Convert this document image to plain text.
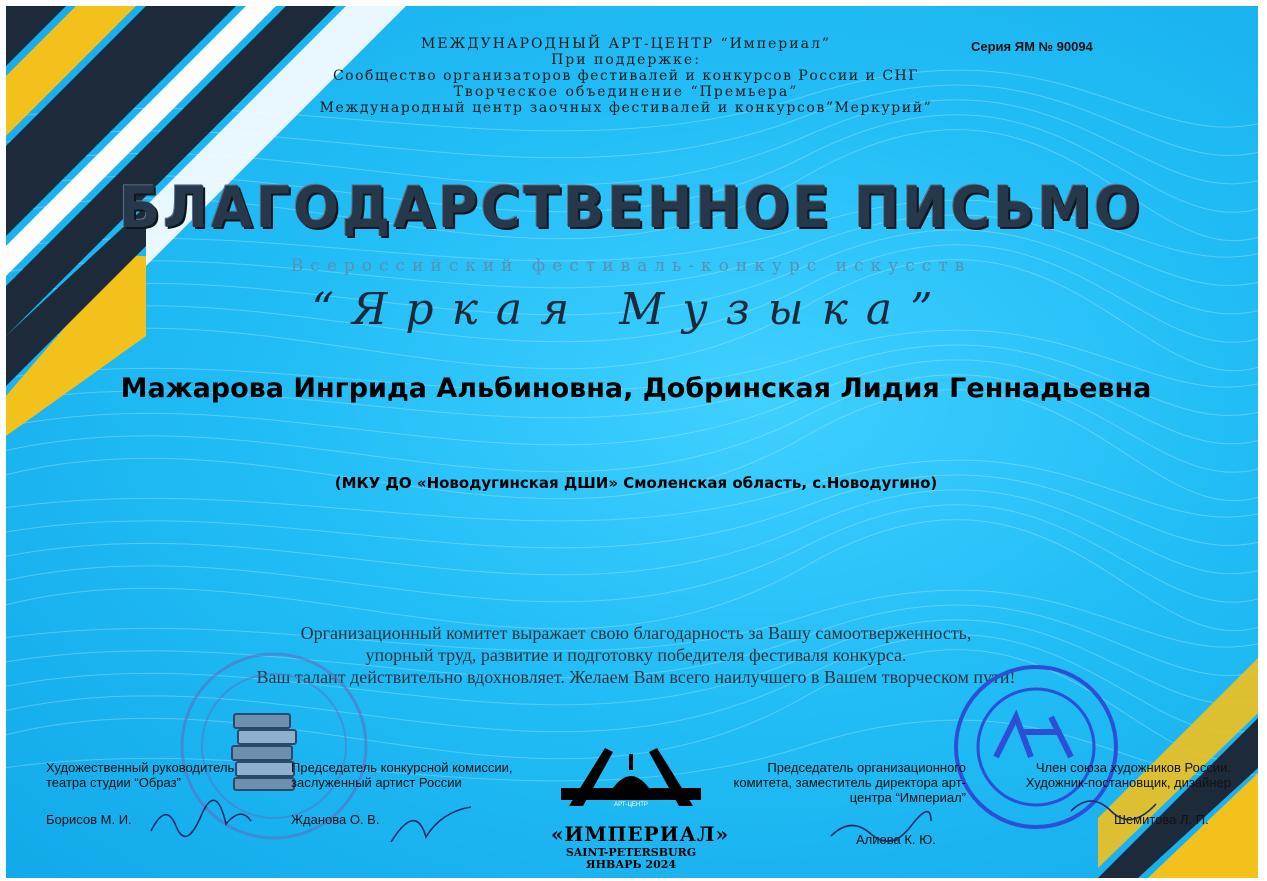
МЕЖДУНАРОДНЫЙ АРТ-ЦЕНТР “Империал”
При поддержке:
Сообщество организаторов фестивалей и конкурсов России и СНГ
Творческое объединение “Премьера”
Международный центр заочных фестивалей и конкурсов”Меркурий”
Серия ЯМ № 90094
БЛАГОДАРСТВЕННОЕ ПИСЬМО
Всероссийский фестиваль-конкурс искусств
“Яркая Музыка”
Мажарова Ингрида Альбиновна, Добринская Лидия Геннадьевна
(МКУ ДО «Новодугинская ДШИ» Смоленская область, с.Новодугино)
Организационный комитет выражает свою благодарность за Вашу самоотверженность,
упорный труд, развитие и подготовку победителя фестиваля конкурса.
Ваш талант действительно вдохновляет. Желаем Вам всего наилучшего в Вашем творческом пути!
АРТ-ЦЕНТР
«ИМПЕРИАЛ»
SAINT-PETERSBURG
ЯНВАРЬ 2024
Художественный руководитель театра студии “Образ”
Борисов М. И.
Председатель конкурсной комиссии, заслуженный артист России
Жданова О. В.
Председатель организационного комитета, заместитель директора арт-центра “Империал”
Алиева К. Ю.
Член союза художников России. Художник-постановщик, дизайнер
Шемитова Л. П.
